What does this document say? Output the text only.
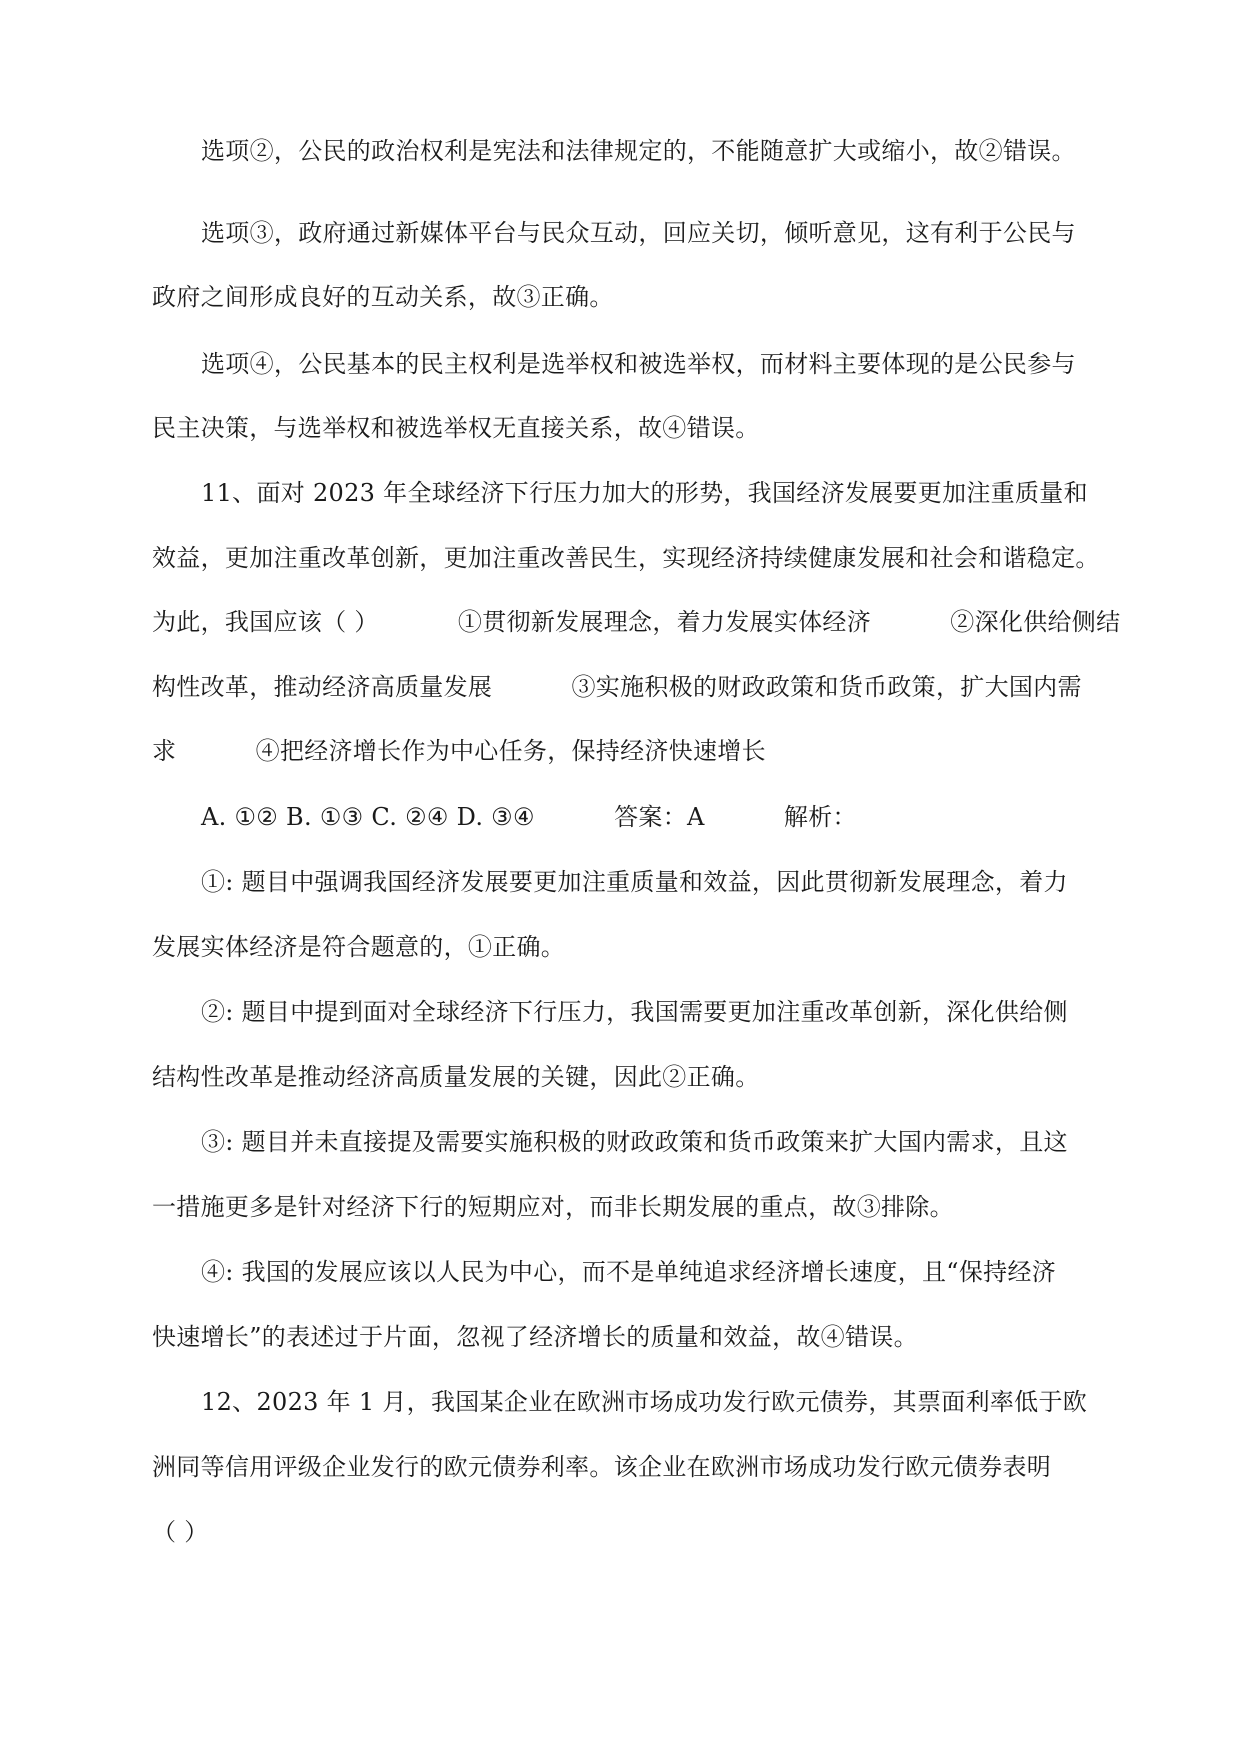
选项②，公民的政治权利是宪法和法律规定的，不能随意扩大或缩小，故②错误。
选项③，政府通过新媒体平台与民众互动，回应关切，倾听意见，这有利于公民与
政府之间形成良好的互动关系，故③正确。
选项④，公民基本的民主权利是选举权和被选举权，而材料主要体现的是公民参与
民主决策，与选举权和被选举权无直接关系，故④错误。
11、面对 2023 年全球经济下行压力加大的形势，我国经济发展要更加注重质量和
效益，更加注重改革创新，更加注重改善民生，实现经济持续健康发展和社会和谐稳定。
为此，我国应该（ ）          ①贯彻新发展理念，着力发展实体经济          ②深化供给侧结
构性改革，推动经济高质量发展          ③实施积极的财政政策和货币政策，扩大国内需
求          ④把经济增长作为中心任务，保持经济快速增长
A. ①② B. ①③ C. ②④ D. ③④          答案：A          解析：
①: 题目中强调我国经济发展要更加注重质量和效益，因此贯彻新发展理念，着力
发展实体经济是符合题意的，①正确。
②: 题目中提到面对全球经济下行压力，我国需要更加注重改革创新，深化供给侧
结构性改革是推动经济高质量发展的关键，因此②正确。
③: 题目并未直接提及需要实施积极的财政政策和货币政策来扩大国内需求，且这
一措施更多是针对经济下行的短期应对，而非长期发展的重点，故③排除。
④: 我国的发展应该以人民为中心，而不是单纯追求经济增长速度，且“保持经济
快速增长”的表述过于片面，忽视了经济增长的质量和效益，故④错误。
12、2023 年 1 月，我国某企业在欧洲市场成功发行欧元债券，其票面利率低于欧
洲同等信用评级企业发行的欧元债券利率。该企业在欧洲市场成功发行欧元债券表明
（ ）
